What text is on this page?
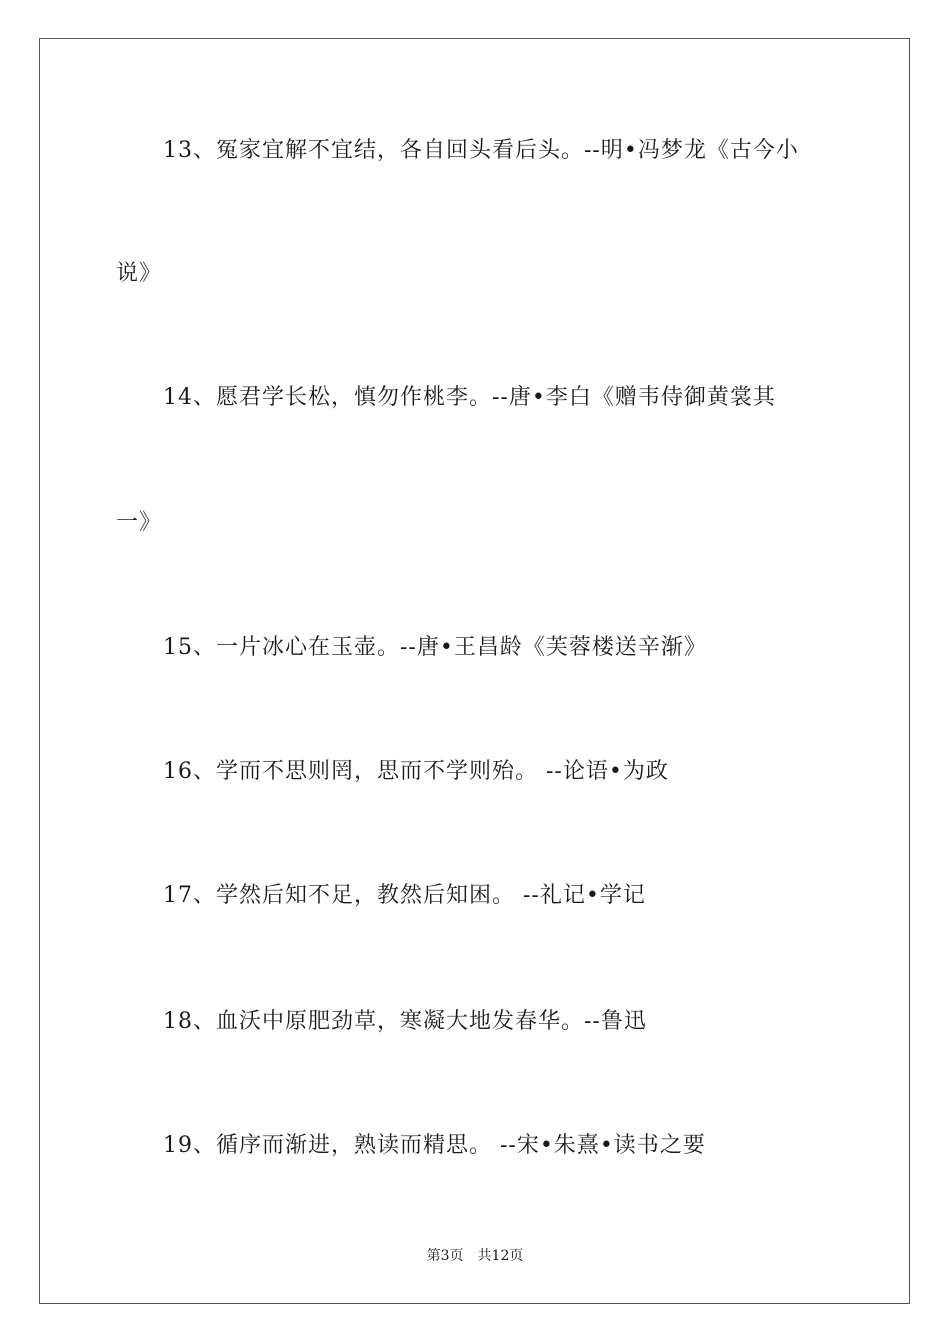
13、冤家宜解不宜结，各自回头看后头。--明•冯梦龙《古今小
说》
14、愿君学长松，慎勿作桃李。--唐•李白《赠韦侍御黄裳其
一》
15、一片冰心在玉壶。--唐•王昌龄《芙蓉楼送辛渐》
16、学而不思则罔，思而不学则殆。 --论语•为政
17、学然后知不足，教然后知困。 --礼记•学记
18、血沃中原肥劲草，寒凝大地发春华。--鲁迅
19、循序而渐进，熟读而精思。 --宋•朱熹•读书之要
第3页 共12页
